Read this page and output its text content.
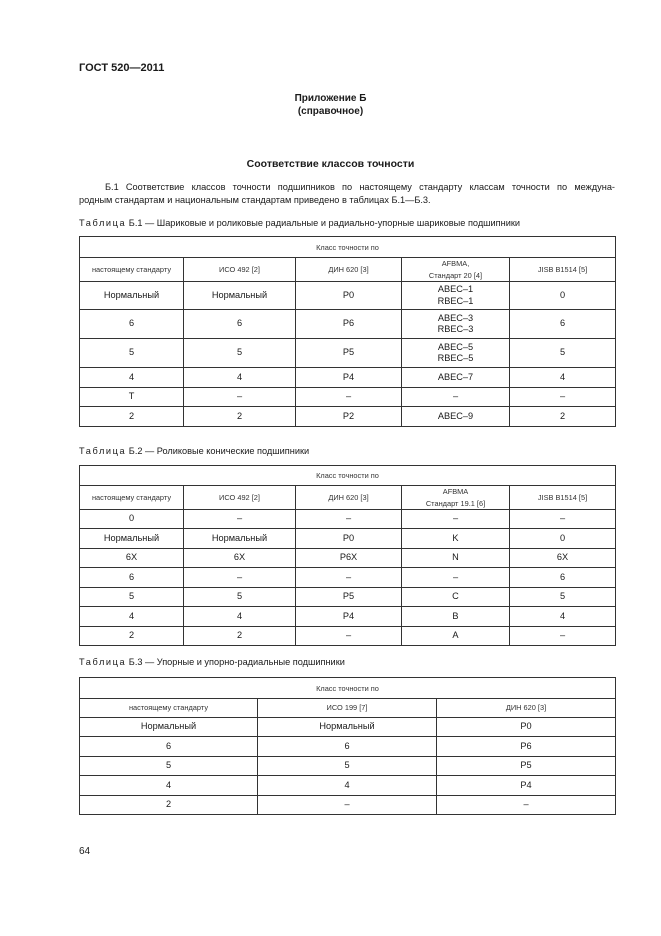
ГОСТ 520—2011
Приложение Б
(справочное)
Соответствие классов точности
Б.1 Соответствие классов точности подшипников по настоящему стандарту классам точности по междуна-
родным стандартам и национальным стандартам приведено в таблицах Б.1—Б.3.
Таблица Б.1 — Шариковые и роликовые радиальные и радиально-упорные шариковые подшипники
Класс точности по				

настоящему стандарту	ИСО 492 [2]	ДИН 620 [3]	AFBMA,
Стандарт 20 [4]	JISB B1514 [5]

Нормальный	Нормальный	P0	ABEC–1
RBEC–1	0

6	6	P6	ABEC–3
RBEC–3	6

5	5	P5	ABEC–5
RBEC–5	5

4	4	P4	ABEC–7	4

Т	–	–	–	–

2	2	P2	ABEC–9	2
Таблица Б.2 — Роликовые конические подшипники
Класс точности по				

настоящему стандарту	ИСО 492 [2]	ДИН 620 [3]	AFBMA
Стандарт 19.1 [6]	JISB B1514 [5]

0	–	–	–	–

Нормальный	Нормальный	P0	K	0

6X	6X	P6X	N	6X

6	–	–	–	6

5	5	P5	C	5

4	4	P4	B	4

2	2	–	A	–
Таблица Б.3 — Упорные и упорно-радиальные подшипники
Класс точности по		

настоящему стандарту	ИСО 199 [7]	ДИН 620 [3]

Нормальный	Нормальный	P0

6	6	P6

5	5	P5

4	4	P4

2	–	–
64
